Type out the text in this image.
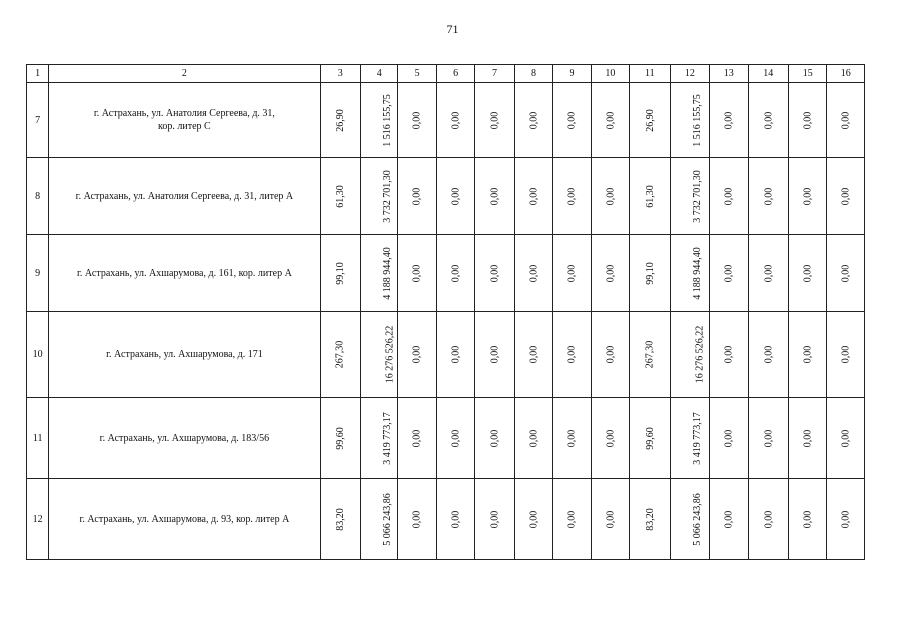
71
1	2	3	4	5	6	7	8	9	10	11	12	13	14	15	16
7	г. Астрахань, ул. Анатолия Сергеева, д. 31,
кор. литер С	26,90	1 516 155,75	0,00	0,00	0,00	0,00	0,00	0,00	26,90	1 516 155,75	0,00	0,00	0,00	0,00
8	г. Астрахань, ул. Анатолия Сергеева, д. 31, литер А	61,30	3 732 701,30	0,00	0,00	0,00	0,00	0,00	0,00	61,30	3 732 701,30	0,00	0,00	0,00	0,00
9	г. Астрахань, ул. Ахшарумова, д. 161, кор. литер А	99,10	4 188 944,40	0,00	0,00	0,00	0,00	0,00	0,00	99,10	4 188 944,40	0,00	0,00	0,00	0,00
10	г. Астрахань, ул. Ахшарумова, д. 171	267,30	16 276 526,22	0,00	0,00	0,00	0,00	0,00	0,00	267,30	16 276 526,22	0,00	0,00	0,00	0,00
11	г. Астрахань, ул. Ахшарумова, д. 183/56	99,60	3 419 773,17	0,00	0,00	0,00	0,00	0,00	0,00	99,60	3 419 773,17	0,00	0,00	0,00	0,00
12	г. Астрахань, ул. Ахшарумова, д. 93, кор. литер А	83,20	5 066 243,86	0,00	0,00	0,00	0,00	0,00	0,00	83,20	5 066 243,86	0,00	0,00	0,00	0,00
